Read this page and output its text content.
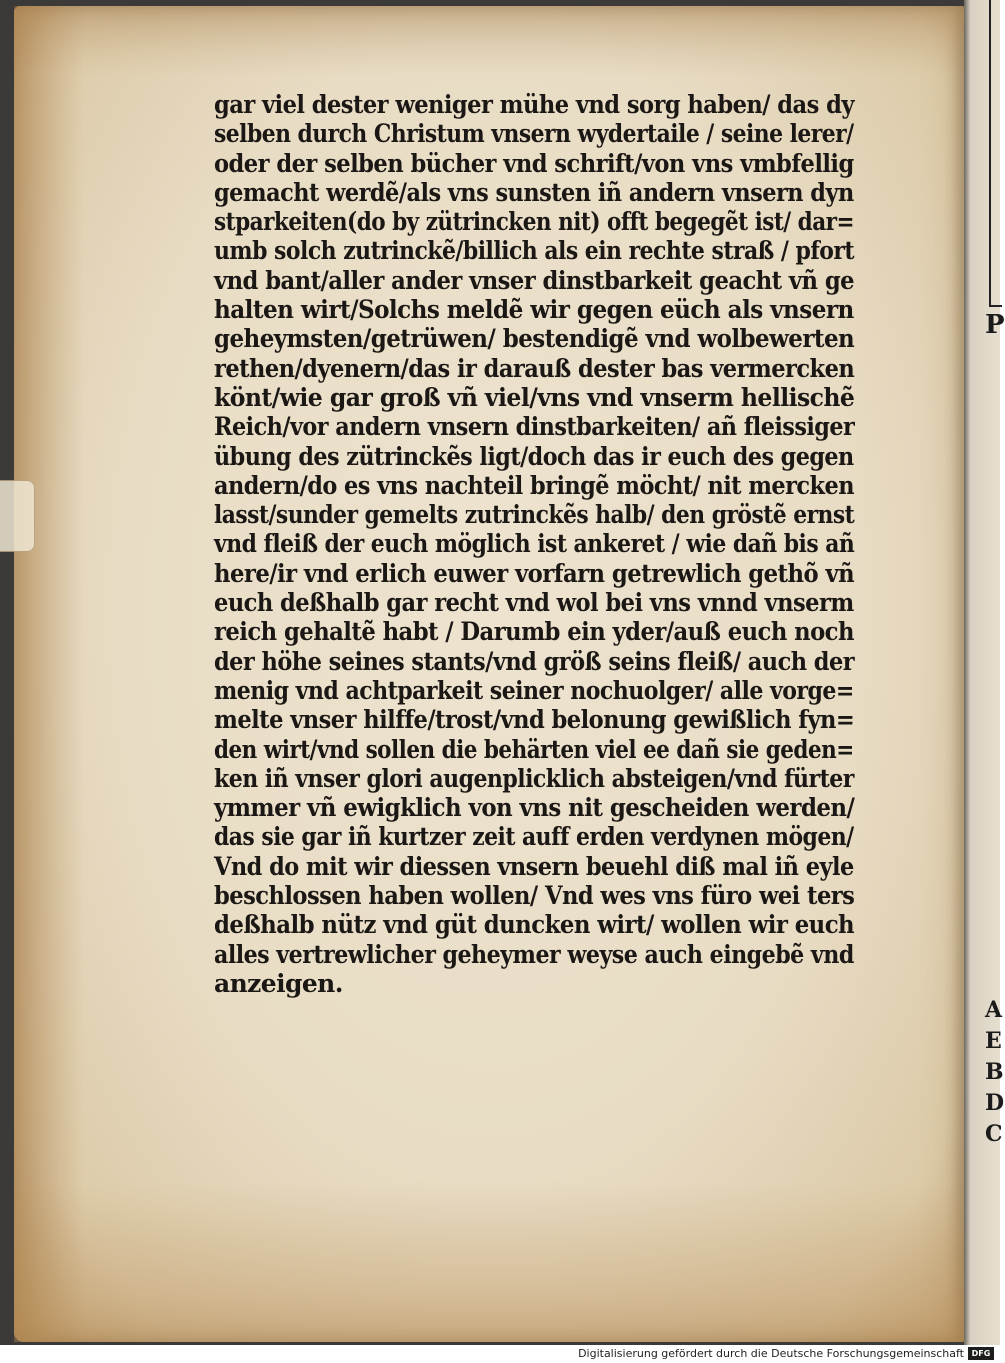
P
A
E
B
D
C
gar viel dester weniger mühe vnd sorg haben/ das dy
selben durch Christum vnsern wydertaile / seine lerer/
oder der selben bücher vnd schrift/von vns vmbfellig
gemacht werdẽ/als vns sunsten iñ andern vnsern dyn
stparkeiten(do by zütrincken nit) offt begegẽt ist/ dar=
umb solch zutrinckẽ/billich als ein rechte straß / pfort
vnd bant/aller ander vnser dinstbarkeit geacht vñ ge
halten wirt/Solchs meldẽ wir gegen eüch als vnsern
geheymsten/getrüwen/ bestendigẽ vnd wolbewerten
rethen/dyenern/das ir darauß dester bas vermercken
könt/wie gar groß vñ viel/vns vnd vnserm hellischẽ
Reich/vor andern vnsern dinstbarkeiten/ añ fleissiger
übung des zütrinckẽs ligt/doch das ir euch des gegen
andern/do es vns nachteil bringẽ möcht/ nit mercken
lasst/sunder gemelts zutrinckẽs halb/ den gröstẽ ernst
vnd fleiß der euch möglich ist ankeret / wie dañ bis añ
here/ir vnd erlich euwer vorfarn getrewlich gethõ vñ
euch deßhalb gar recht vnd wol bei vns vnnd vnserm
reich gehaltẽ habt / Darumb ein yder/auß euch noch
der höhe seines stants/vnd größ seins fleiß/ auch der
menig vnd achtparkeit seiner nochuolger/ alle vorge=
melte vnser hilffe/trost/vnd belonung gewißlich fyn=
den wirt/vnd sollen die behärten viel ee dañ sie geden=
ken iñ vnser glori augenplicklich absteigen/vnd fürter
ymmer vñ ewigklich von vns nit gescheiden werden/
das sie gar iñ kurtzer zeit auff erden verdynen mögen/
Vnd do mit wir diessen vnsern beuehl diß mal iñ eyle
beschlossen haben wollen/ Vnd wes vns füro wei ters
deßhalb nütz vnd güt duncken wirt/ wollen wir euch
alles vertrewlicher geheymer weyse auch eingebẽ vnd
anzeigen.
Digitalisierung gefördert durch die Deutsche Forschungsgemeinschaft DFG
